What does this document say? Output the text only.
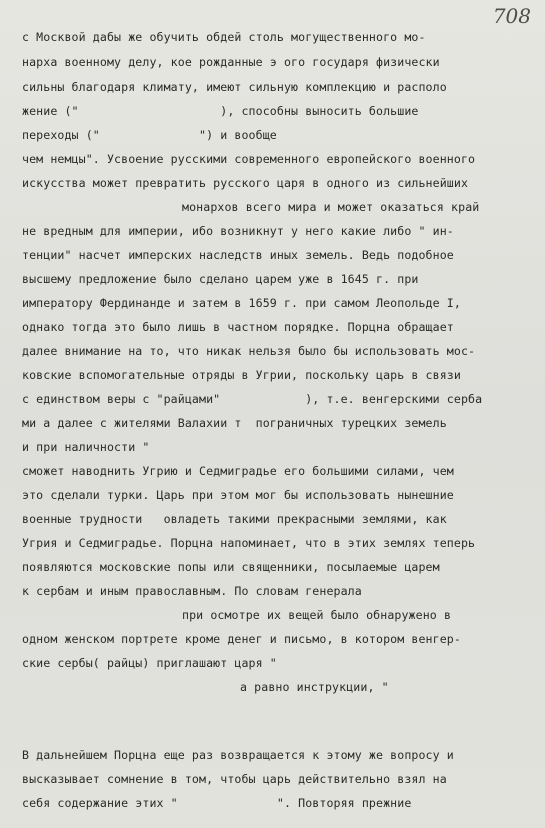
708
с Москвой дабы же обучить обдей столь могущественного мо-
нарха военному делу, кое рожданные э ого государя физически
сильны благодаря климату, имеют сильную комплекцию и располо
жение ("                    ), способны выносить большие
переходы ("              ") и вообще
чем немцы". Усвоение русскими современного европейского военного
искусства может превратить русского царя в одного из сильнейших
монархов всего мира и может оказаться край
не вредным для империи, ибо возникнут у него какие либо " ин-
тенции" насчет имперских наследств иных земель. Ведь подобное
высшему предложение было сделано царем уже в 1645 г. при
императору Фердинанде и затем в 1659 г. при самом Леопольде I,
однако тогда это было лишь в частном порядке. Порцна обращает
далее внимание на то, что никак нельзя было бы использовать мос-
ковские вспомогательные отряды в Угрии, поскольку царь в связи
с единством веры с "райцами"            ), т.е. венгерскими серба
ми а далее с жителями Валахии т  пограничных турецких земель
и при наличности "
сможет наводнить Угрию и Седмиградье его большими силами, чем
это сделали турки. Царь при этом мог бы использовать нынешние
военные трудности   овладеть такими прекрасными землями, как
Угрия и Седмиградье. Порцна напоминает, что в этих землях теперь
появляются московские попы или священники, посылаемые царем
к сербам и иным православным. По словам генерала
при осмотре их вещей было обнаружено в
одном женском портрете кроме денег и письмо, в котором венгер-
ские сербы( райцы) приглашают царя "
а равно инструкции, "
В дальнейшем Порцна еще раз возвращается к этому же вопросу и
высказывает сомнение в том, чтобы царь действительно взял на
себя содержание этих "              ". Повторяя прежние
